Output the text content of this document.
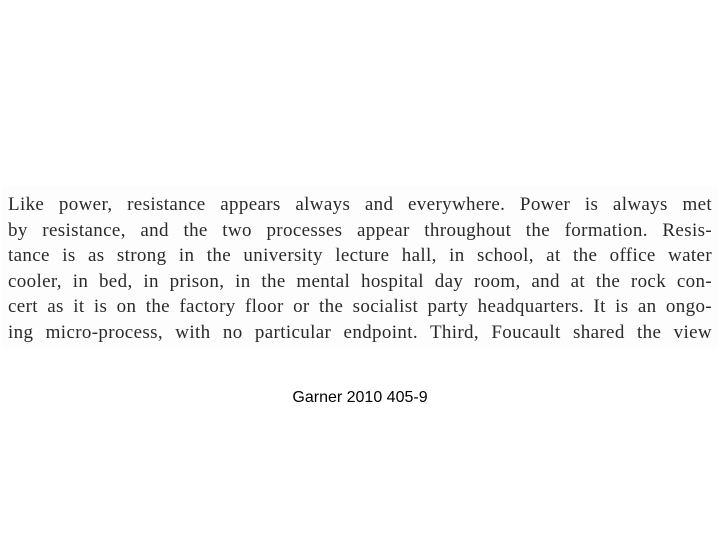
Like power, resistance appears always and everywhere. Power is always met
by resistance, and the two processes appear throughout the formation. Resis-
tance is as strong in the university lecture hall, in school, at the office water
cooler, in bed, in prison, in the mental hospital day room, and at the rock con-
cert as it is on the factory floor or the socialist party headquarters. It is an ongo-
ing micro-process, with no particular endpoint. Third, Foucault shared the view

Garner 2010 405-9
